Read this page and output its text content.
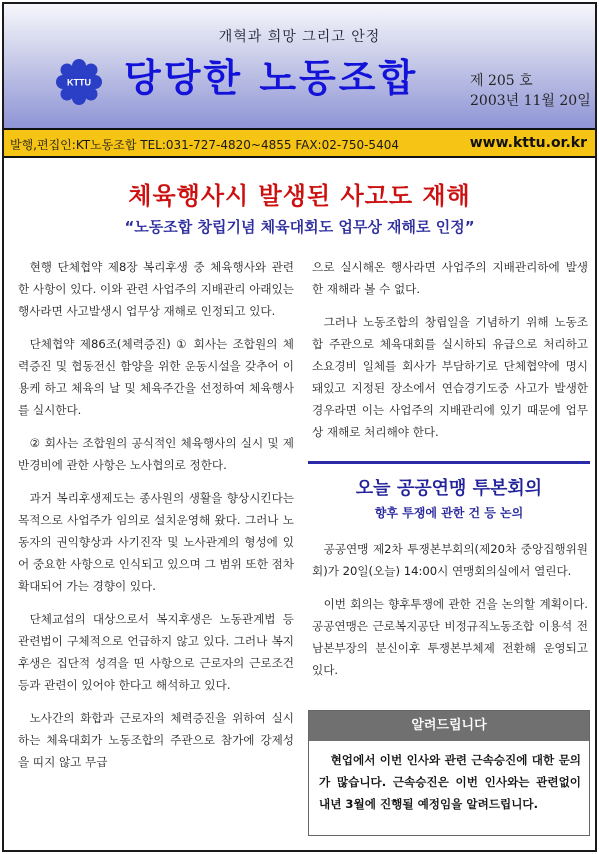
개혁과 희망 그리고 안정
KTTU 당당한 노동조합	제 205 호
2003년 11월 20일
발행,편집인:KT노동조합 TEL:031-727-4820~4855 FAX:02-750-5404	www.kttu.or.kr
체육행사시 발생된 사고도 재해
“노동조합 창립기념 체육대회도 업무상 재해로 인정”

현행 단체협약 제8장 복리후생 중 체육행사와 관련한 사항이 있다. 이와 관련 사업주의 지배관리 아래있는 행사라면 사고발생시 업무상 재해로 인정되고 있다.

단체협약 제86조(체력증진) ① 회사는 조합원의 체력증진 및 협동전신 함양을 위한 운동시설을 갖추어 이용케 하고 체육의 날 및 체육주간을 선정하여 체육행사를 실시한다.

② 회사는 조합원의 공식적인 체육행사의 실시 및 제반경비에 관한 사항은 노사협의로 정한다.

과거 복리후생제도는 종사원의 생활을 향상시킨다는 목적으로 사업주가 임의로 설치운영해 왔다. 그러나 노동자의 권익향상과 사기진작 및 노사관계의 형성에 있어 중요한 사항으로 인식되고 있으며 그 범위 또한 점차 확대되어 가는 경향이 있다.

단체교섭의 대상으로서 복지후생은 노동관계법 등 관련법이 구체적으로 언급하지 않고 있다. 그러나 복지후생은 집단적 성격을 띤 사항으로 근로자의 근로조건 등과 관련이 있어야 한다고 해석하고 있다.

노사간의 화합과 근로자의 체력증진을 위하여 실시하는 체육대회가 노동조합의 주관으로 참가에 강제성을 띠지 않고 무급

으로 실시해온 행사라면 사업주의 지배관리하에 발생한 재해라 볼 수 없다.

그러나 노동조합의 창립일을 기념하기 위해 노동조합 주관으로 체육대회를 실시하되 유급으로 처리하고 소요경비 일체를 회사가 부담하기로 단체협약에 명시돼있고 지정된 장소에서 연습경기도중 사고가 발생한 경우라면 이는 사업주의 지배관리에 있기 때문에 업무상 재해로 처리해야 한다.

오늘 공공연맹 투본회의
향후 투쟁에 관한 건 등 논의

공공연맹 제2차 투쟁본부회의(제20차 중앙집행위원회)가 20일(오늘) 14:00시 연맹회의실에서 열린다.

이번 회의는 향후투쟁에 관한 건을 논의할 계획이다. 공공연맹은 근로복지공단 비정규직노동조합 이용석 전남본부장의 분신이후 투쟁본부체제 전환해 운영되고 있다.

알려드립니다
현업에서 이번 인사와 관련 근속승진에 대한 문의가 많습니다. 근속승진은 이번 인사와는 관련없이 내년 3월에 진행될 예정임을 알려드립니다.
